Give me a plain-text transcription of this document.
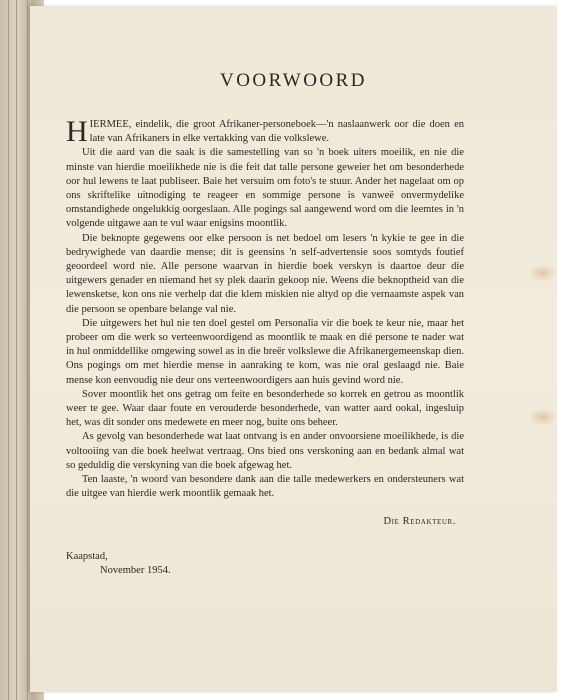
VOORWOORD

HIERMEE, eindelik, die groot Afrikaner-personeboek—'n naslaanwerk oor die doen en late van Afrikaners in elke vertakking van die volkslewe.

Uit die aard van die saak is die samestelling van so 'n boek uiters moeilik, en nie die minste van hierdie moeilikhede nie is die feit dat talle persone geweier het om besonderhede oor hul lewens te laat publiseer. Baie het versuim om foto's te stuur. Ander het nagelaat om op ons skriftelike uitnodiging te reageer en sommige persone is vanweë onvermydelike omstandighede ongelukkig oorgeslaan. Alle pogings sal aangewend word om die leemtes in 'n volgende uitgawe aan te vul waar enigsins moontlik.

Die beknopte gegewens oor elke persoon is net bedoel om lesers 'n kykie te gee in die bedrywighede van daardie mense; dit is geensins 'n self-advertensie soos somtyds foutief geoordeel word nie. Alle persone waarvan in hierdie boek verskyn is daartoe deur die uitgewers genader en niemand het sy plek daarin gekoop nie. Weens die beknoptheid van die lewensketse, kon ons nie verhelp dat die klem miskien nie altyd op die vernaamste aspek van die persoon se openbare belange val nie.

Die uitgewers het hul nie ten doel gestel om Personalia vir die boek te keur nie, maar het probeer om die werk so verteenwoordigend as moontlik te maak en dié persone te nader wat in hul onmiddellike omgewing sowel as in die breër volkslewe die Afrikanergemeenskap dien. Ons pogings om met hierdie mense in aanraking te kom, was nie oral geslaagd nie. Baie mense kon eenvoudig nie deur ons verteenwoordigers aan huis gevind word nie.

Sover moontlik het ons getrag om feite en besonderhede so korrek en getrou as moontlik weer te gee. Waar daar foute en verouderde besonderhede, van watter aard ookal, ingesluip het, was dit sonder ons medewete en meer nog, buite ons beheer.

As gevolg van besonderhede wat laat ontvang is en ander onvoorsiene moeilikhede, is die voltooiing van die boek heelwat vertraag. Ons bied ons verskoning aan en bedank almal wat so geduldig die verskyning van die boek afgewag het.

Ten laaste, 'n woord van besondere dank aan die talle medewerkers en ondersteuners wat die uitgee van hierdie werk moontlik gemaak het.

Die Redakteur.
Kaapstad,
November 1954.
